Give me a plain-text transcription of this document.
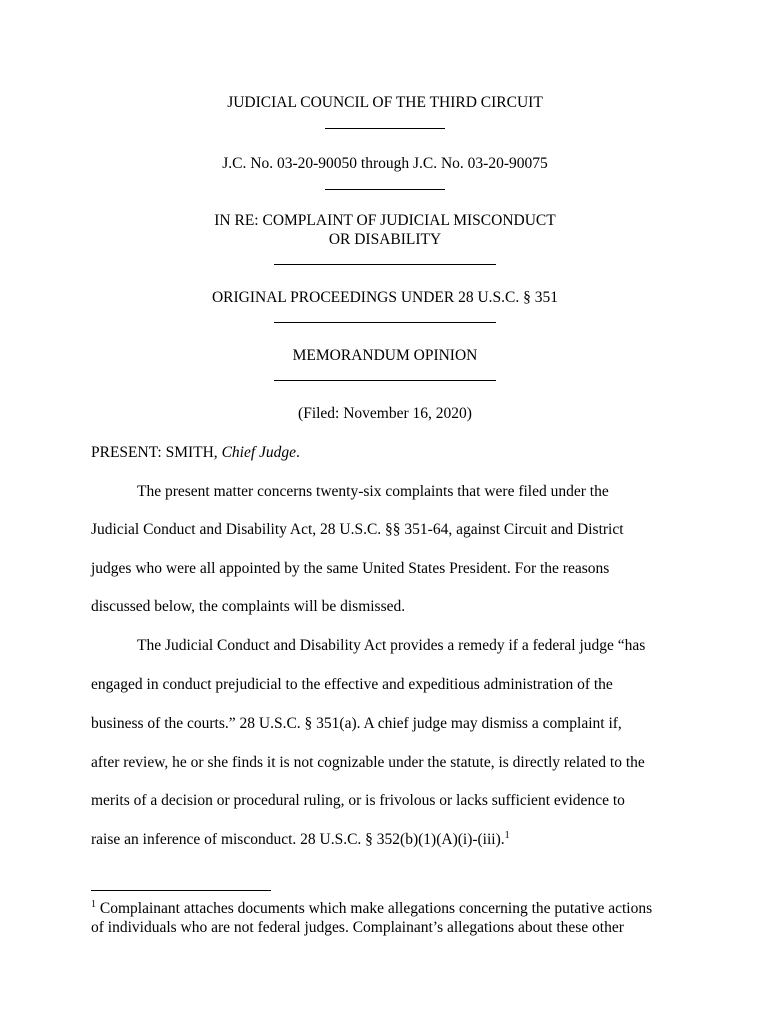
JUDICIAL COUNCIL OF THE THIRD CIRCUIT
J.C. No. 03-20-90050 through J.C. No. 03-20-90075
IN RE: COMPLAINT OF JUDICIAL MISCONDUCT
OR DISABILITY
ORIGINAL PROCEEDINGS UNDER 28 U.S.C. § 351
MEMORANDUM OPINION
(Filed: November 16, 2020)
PRESENT: SMITH, Chief Judge.
The present matter concerns twenty-six complaints that were filed under the
Judicial Conduct and Disability Act, 28 U.S.C. §§ 351-64, against Circuit and District
judges who were all appointed by the same United States President. For the reasons
discussed below, the complaints will be dismissed.
The Judicial Conduct and Disability Act provides a remedy if a federal judge “has
engaged in conduct prejudicial to the effective and expeditious administration of the
business of the courts.” 28 U.S.C. § 351(a). A chief judge may dismiss a complaint if,
after review, he or she finds it is not cognizable under the statute, is directly related to the
merits of a decision or procedural ruling, or is frivolous or lacks sufficient evidence to
raise an inference of misconduct. 28 U.S.C. § 352(b)(1)(A)(i)-(iii).$^1$
$^1$ Complainant attaches documents which make allegations concerning the putative actions
of individuals who are not federal judges. Complainant’s allegations about these other
